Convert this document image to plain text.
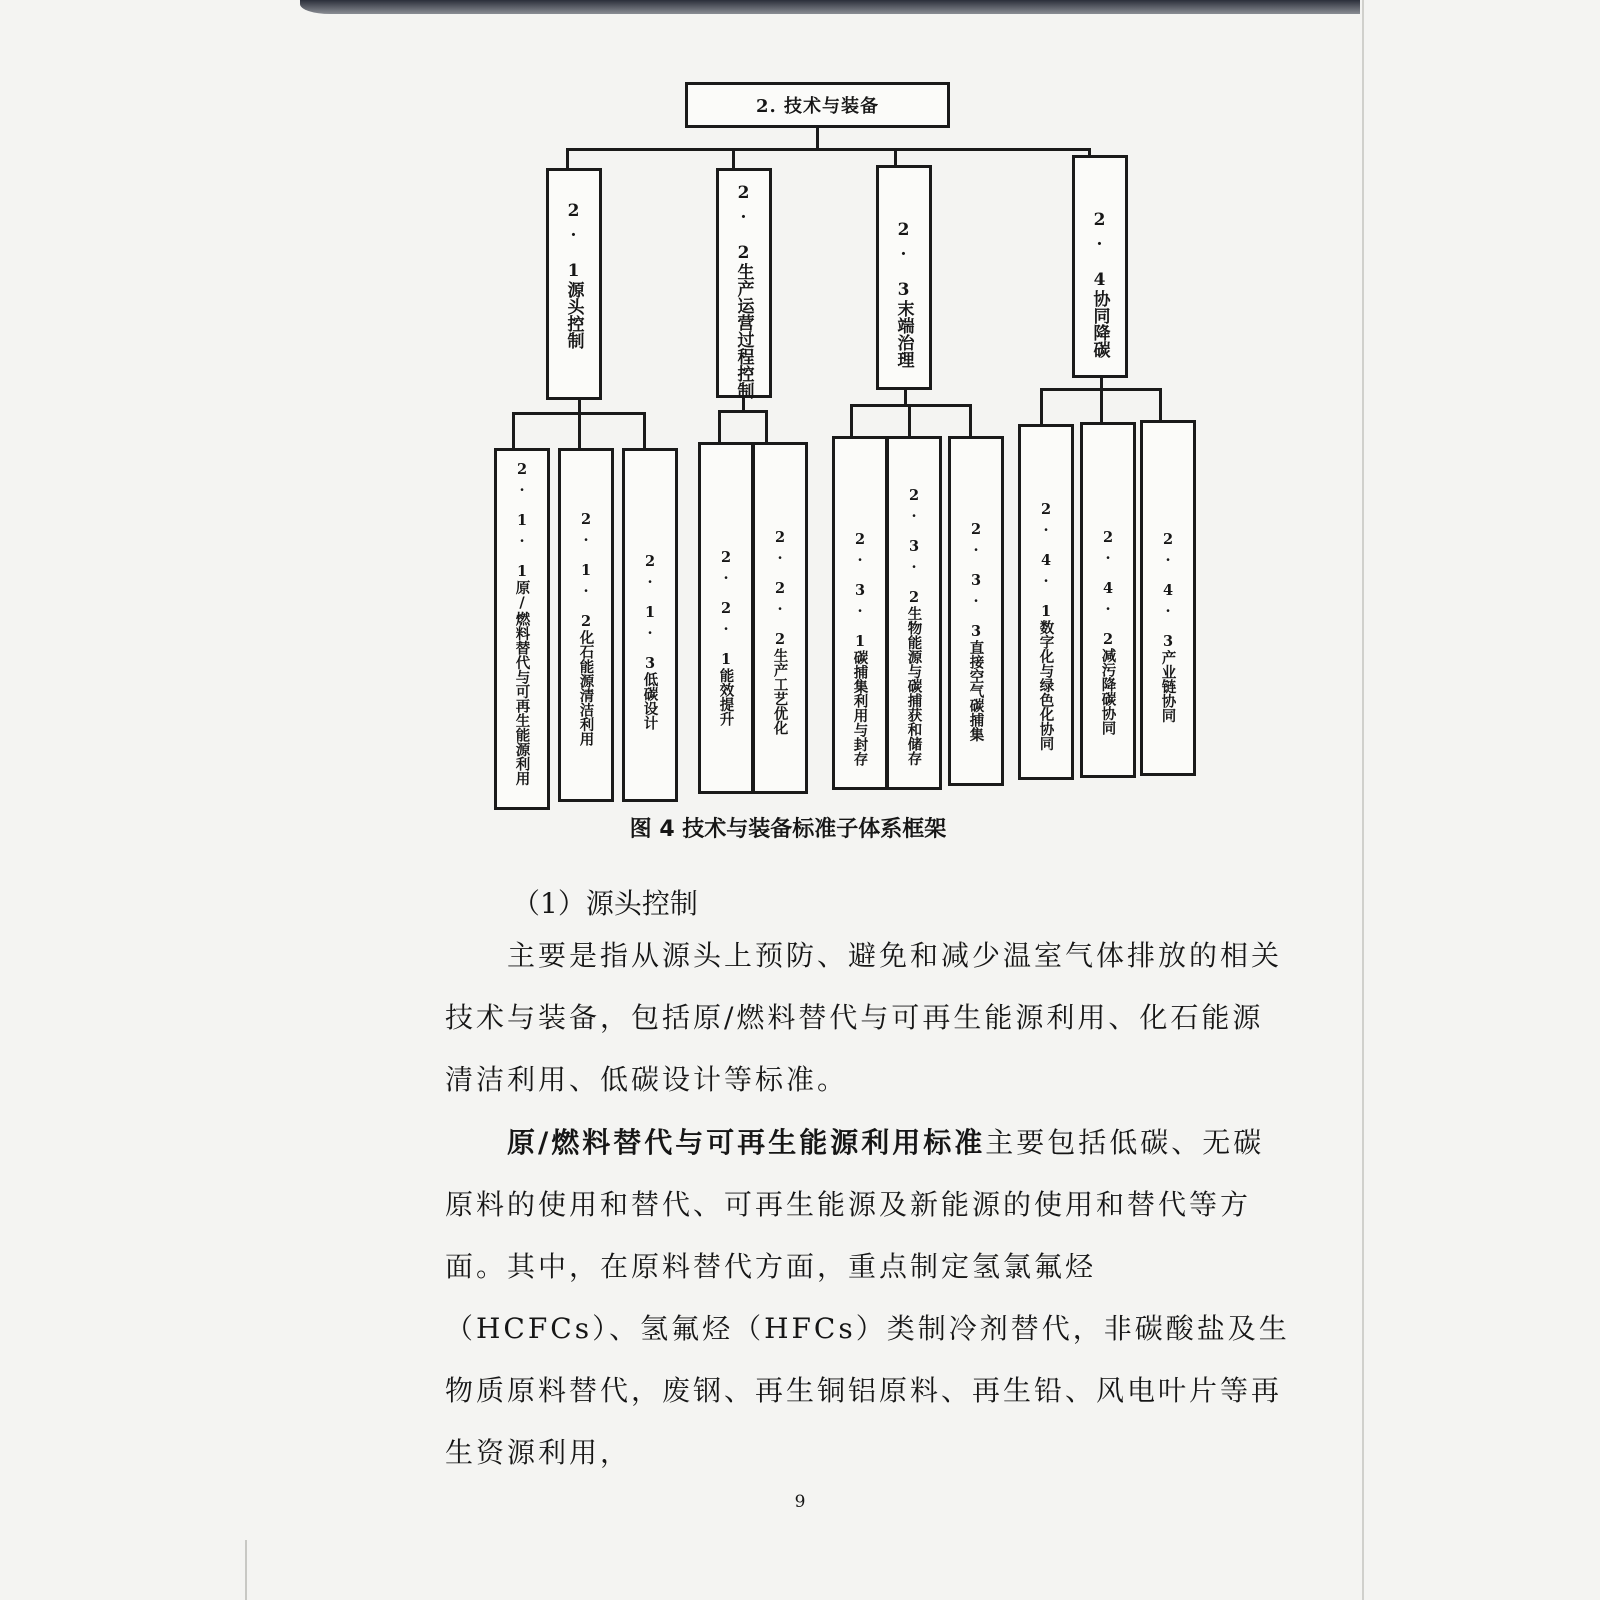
2. 技术与装备
2. 1源头控制	2. 2生产运营过程控制	2. 3末端治理	2. 4协同降碳
2. 1. 1原/燃料替代与可再生能源利用	2. 1. 2化石能源清洁利用	2. 1. 3低碳设计	2. 2. 1能效提升	2. 2. 2生产工艺优化	2. 3. 1碳捕集利用与封存	2. 3. 2生物能源与碳捕获和储存	2. 3. 3直接空气碳捕集	2. 4. 1数字化与绿色化协同	2. 4. 2减污降碳协同	2. 4. 3产业链协同
图 4 技术与装备标准子体系框架
（1）源头控制

主要是指从源头上预防、避免和减少温室气体排放的相关技术与装备，包括原/燃料替代与可再生能源利用、化石能源清洁利用、低碳设计等标准。

原/燃料替代与可再生能源利用标准主要包括低碳、无碳原料的使用和替代、可再生能源及新能源的使用和替代等方面。其中，在原料替代方面，重点制定氢氯氟烃（HCFCs）、氢氟烃（HFCs）类制冷剂替代，非碳酸盐及生物质原料替代，废钢、再生铜铝原料、再生铅、风电叶片等再生资源利用，

9
